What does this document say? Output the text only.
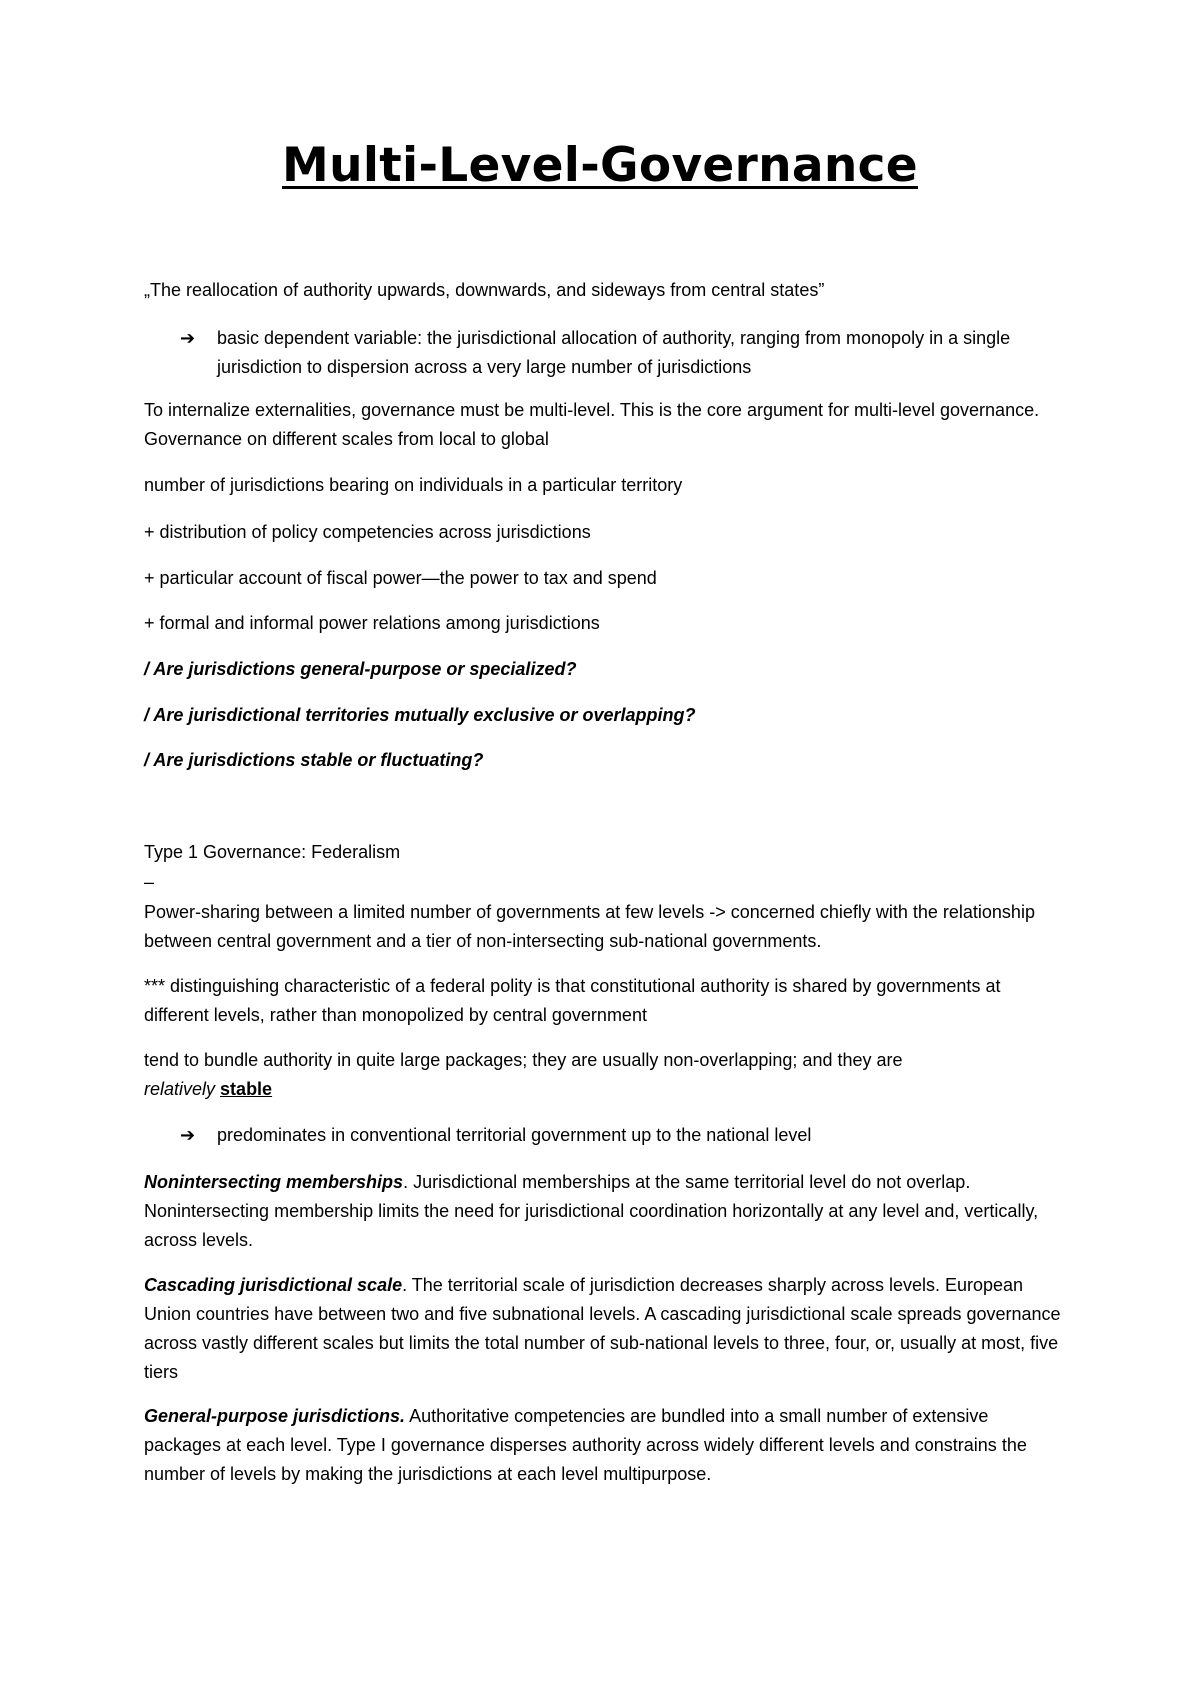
Multi-Level-Governance

„The reallocation of authority upwards, downwards, and sideways from central states”

➔ basic dependent variable: the jurisdictional allocation of authority, ranging from monopoly in a single jurisdiction to dispersion across a very large number of jurisdictions

To internalize externalities, governance must be multi-level. This is the core argument for multi-level governance. Governance on different scales from local to global

number of jurisdictions bearing on individuals in a particular territory

+ distribution of policy competencies across jurisdictions

+ particular account of fiscal power—the power to tax and spend

+ formal and informal power relations among jurisdictions

/ Are jurisdictions general-purpose or specialized?

/ Are jurisdictional territories mutually exclusive or overlapping?

/ Are jurisdictions stable or fluctuating?

Type 1 Governance: Federalism

–

Power-sharing between a limited number of governments at few levels -> concerned chiefly with the relationship between central government and a tier of non-intersecting sub-national governments.

*** distinguishing characteristic of a federal polity is that constitutional authority is shared by governments at different levels, rather than monopolized by central government

tend to bundle authority in quite large packages; they are usually non-overlapping; and they are
relatively stable

➔ predominates in conventional territorial government up to the national level

Nonintersecting memberships. Jurisdictional memberships at the same territorial level do not overlap. Nonintersecting membership limits the need for jurisdictional coordination horizontally at any level and, vertically, across levels.

Cascading jurisdictional scale. The territorial scale of jurisdiction decreases sharply across levels. European Union countries have between two and five subnational levels. A cascading jurisdictional scale spreads governance across vastly different scales but limits the total number of sub-national levels to three, four, or, usually at most, five tiers

General-purpose jurisdictions. Authoritative competencies are bundled into a small number of extensive packages at each level. Type I governance disperses authority across widely different levels and constrains the number of levels by making the jurisdictions at each level multipurpose.
